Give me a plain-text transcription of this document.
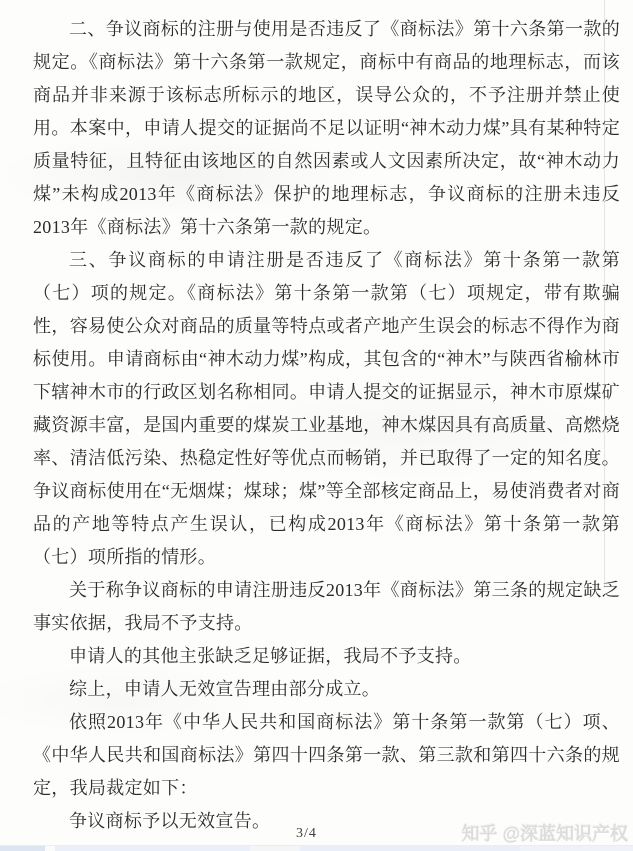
二、争议商标的注册与使用是否违反了《商标法》第十六条第一款的规定。《商标法》第十六条第一款规定，商标中有商品的地理标志，而该商品并非来源于该标志所标示的地区，误导公众的，不予注册并禁止使用。本案中，申请人提交的证据尚不足以证明“神木动力煤”具有某种特定质量特征，且特征由该地区的自然因素或人文因素所决定，故“神木动力煤”未构成2013年《商标法》保护的地理标志，争议商标的注册未违反2013年《商标法》第十六条第一款的规定。

三、争议商标的申请注册是否违反了《商标法》第十条第一款第（七）项的规定。《商标法》第十条第一款第（七）项规定，带有欺骗性，容易使公众对商品的质量等特点或者产地产生误会的标志不得作为商标使用。申请商标由“神木动力煤”构成，其包含的“神木”与陕西省榆林市下辖神木市的行政区划名称相同。申请人提交的证据显示，神木市原煤矿藏资源丰富，是国内重要的煤炭工业基地，神木煤因具有高质量、高燃烧率、清洁低污染、热稳定性好等优点而畅销，并已取得了一定的知名度。争议商标使用在“无烟煤；煤球；煤”等全部核定商品上，易使消费者对商品的产地等特点产生误认，已构成2013年《商标法》第十条第一款第（七）项所指的情形。

关于称争议商标的申请注册违反2013年《商标法》第三条的规定缺乏事实依据，我局不予支持。

申请人的其他主张缺乏足够证据，我局不予支持。

综上，申请人无效宣告理由部分成立。

依照2013年《中华人民共和国商标法》第十条第一款第（七）项、《中华人民共和国商标法》第四十四条第一款、第三款和第四十六条的规定，我局裁定如下：

争议商标予以无效宣告。

3/4	知乎 @深蓝知识产权
